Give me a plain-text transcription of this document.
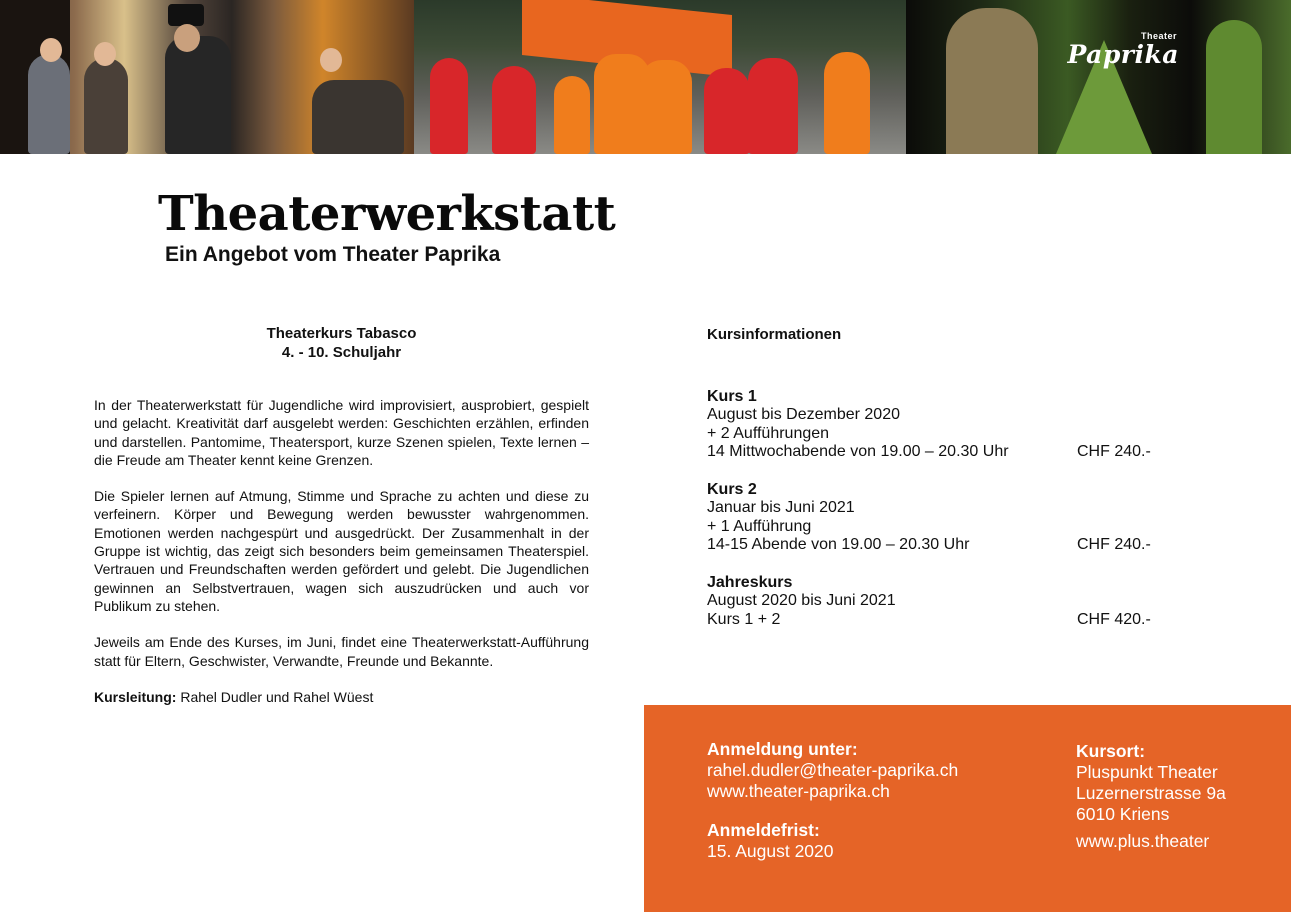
Theater
Paprika
Theaterwerkstatt
Ein Angebot vom Theater Paprika
Theaterkurs Tabasco
4. - 10. Schuljahr

In der Theaterwerkstatt für Jugendliche wird improvisiert, ausprobiert, gespielt und gelacht. Kreativität darf ausgelebt werden: Geschichten erzählen, erfinden und darstellen. Pantomime, Theatersport, kurze Szenen spielen, Texte lernen – die Freude am Theater kennt keine Grenzen.

Die Spieler lernen auf Atmung, Stimme und Sprache zu achten und diese zu verfeinern. Körper und Bewegung werden bewusster wahrgenommen. Emotionen werden nachgespürt und ausgedrückt. Der Zusammenhalt in der Gruppe ist wichtig, das zeigt sich besonders beim gemeinsamen Theaterspiel. Vertrauen und Freundschaften werden gefördert und gelebt. Die Jugendlichen gewinnen an Selbstvertrauen, wagen sich auszudrücken und auch vor Publikum zu stehen.

Jeweils am Ende des Kurses, im Juni, findet eine Theaterwerkstatt-Aufführung statt für Eltern, Geschwister, Verwandte, Freunde und Bekannte.

Kursleitung: Rahel Dudler und Rahel Wüest

Kursinformationen
Kurs 1
August bis Dezember 2020
+ 2 Aufführungen
14 Mittwochabende von 19.00 – 20.30 Uhr	CHF 240.-
Kurs 2
Januar bis Juni 2021
+ 1 Aufführung
14-15 Abende von 19.00 – 20.30 Uhr	CHF 240.-
Jahreskurs
August 2020 bis Juni 2021
Kurs 1 + 2	CHF 420.-
Anmeldung unter:
rahel.dudler@theater-paprika.ch
www.theater-paprika.ch
Anmeldefrist:
15. August 2020
Kursort:
Pluspunkt Theater
Luzernerstrasse 9a
6010 Kriens
www.plus.theater
